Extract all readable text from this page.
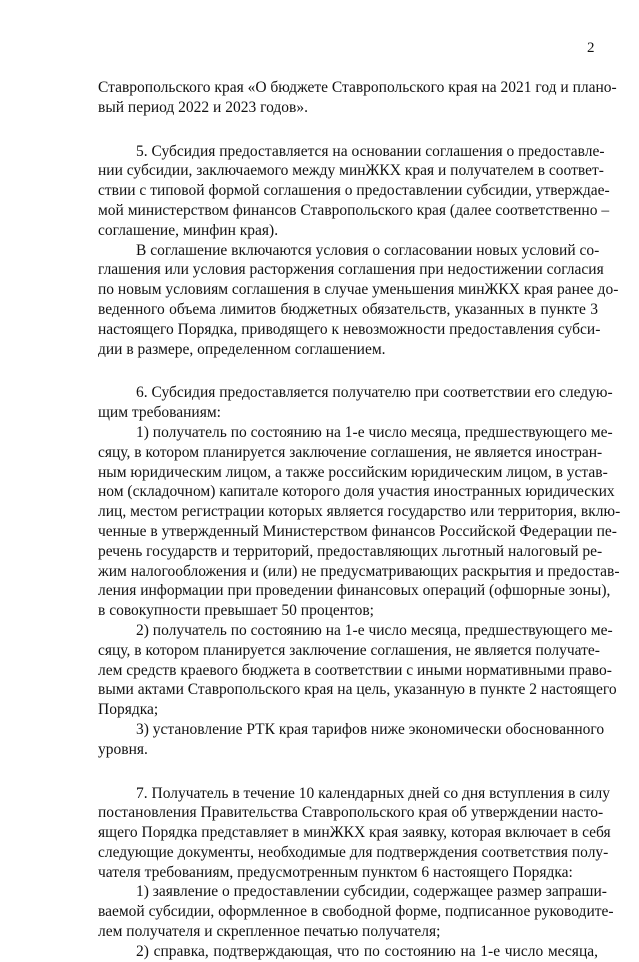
2
Ставропольского края «О бюджете Ставропольского края на 2021 год и плано-
вый период 2022 и 2023 годов».
5. Субсидия предоставляется на основании соглашения о предоставле-
нии субсидии, заключаемого между минЖКХ края и получателем в соответ-
ствии с типовой формой соглашения о предоставлении субсидии, утверждае-
мой министерством финансов Ставропольского края (далее соответственно –
соглашение, минфин края).
В соглашение включаются условия о согласовании новых условий со-
глашения или условия расторжения соглашения при недостижении согласия
по новым условиям соглашения в случае уменьшения минЖКХ края ранее до-
веденного объема лимитов бюджетных обязательств, указанных в пункте 3
настоящего Порядка, приводящего к невозможности предоставления субси-
дии в размере, определенном соглашением.
6. Субсидия предоставляется получателю при соответствии его следую-
щим требованиям:
1) получатель по состоянию на 1-е число месяца, предшествующего ме-
сяцу, в котором планируется заключение соглашения, не является иностран-
ным юридическим лицом, а также российским юридическим лицом, в устав-
ном (складочном) капитале которого доля участия иностранных юридических
лиц, местом регистрации которых является государство или территория, вклю-
ченные в утвержденный Министерством финансов Российской Федерации пе-
речень государств и территорий, предоставляющих льготный налоговый ре-
жим налогообложения и (или) не предусматривающих раскрытия и предостав-
ления информации при проведении финансовых операций (офшорные зоны),
в совокупности превышает 50 процентов;
2) получатель по состоянию на 1-е число месяца, предшествующего ме-
сяцу, в котором планируется заключение соглашения, не является получате-
лем средств краевого бюджета в соответствии с иными нормативными право-
выми актами Ставропольского края на цель, указанную в пункте 2 настоящего
Порядка;
3) установление РТК края тарифов ниже экономически обоснованного
уровня.
7. Получатель в течение 10 календарных дней со дня вступления в силу
постановления Правительства Ставропольского края об утверждении насто-
ящего Порядка представляет в минЖКХ края заявку, которая включает в себя
следующие документы, необходимые для подтверждения соответствия полу-
чателя требованиям, предусмотренным пунктом 6 настоящего Порядка:
1) заявление о предоставлении субсидии, содержащее размер запраши-
ваемой субсидии, оформленное в свободной форме, подписанное руководите-
лем получателя и скрепленное печатью получателя;
2) справка, подтверждающая, что по состоянию на 1-е число месяца,
